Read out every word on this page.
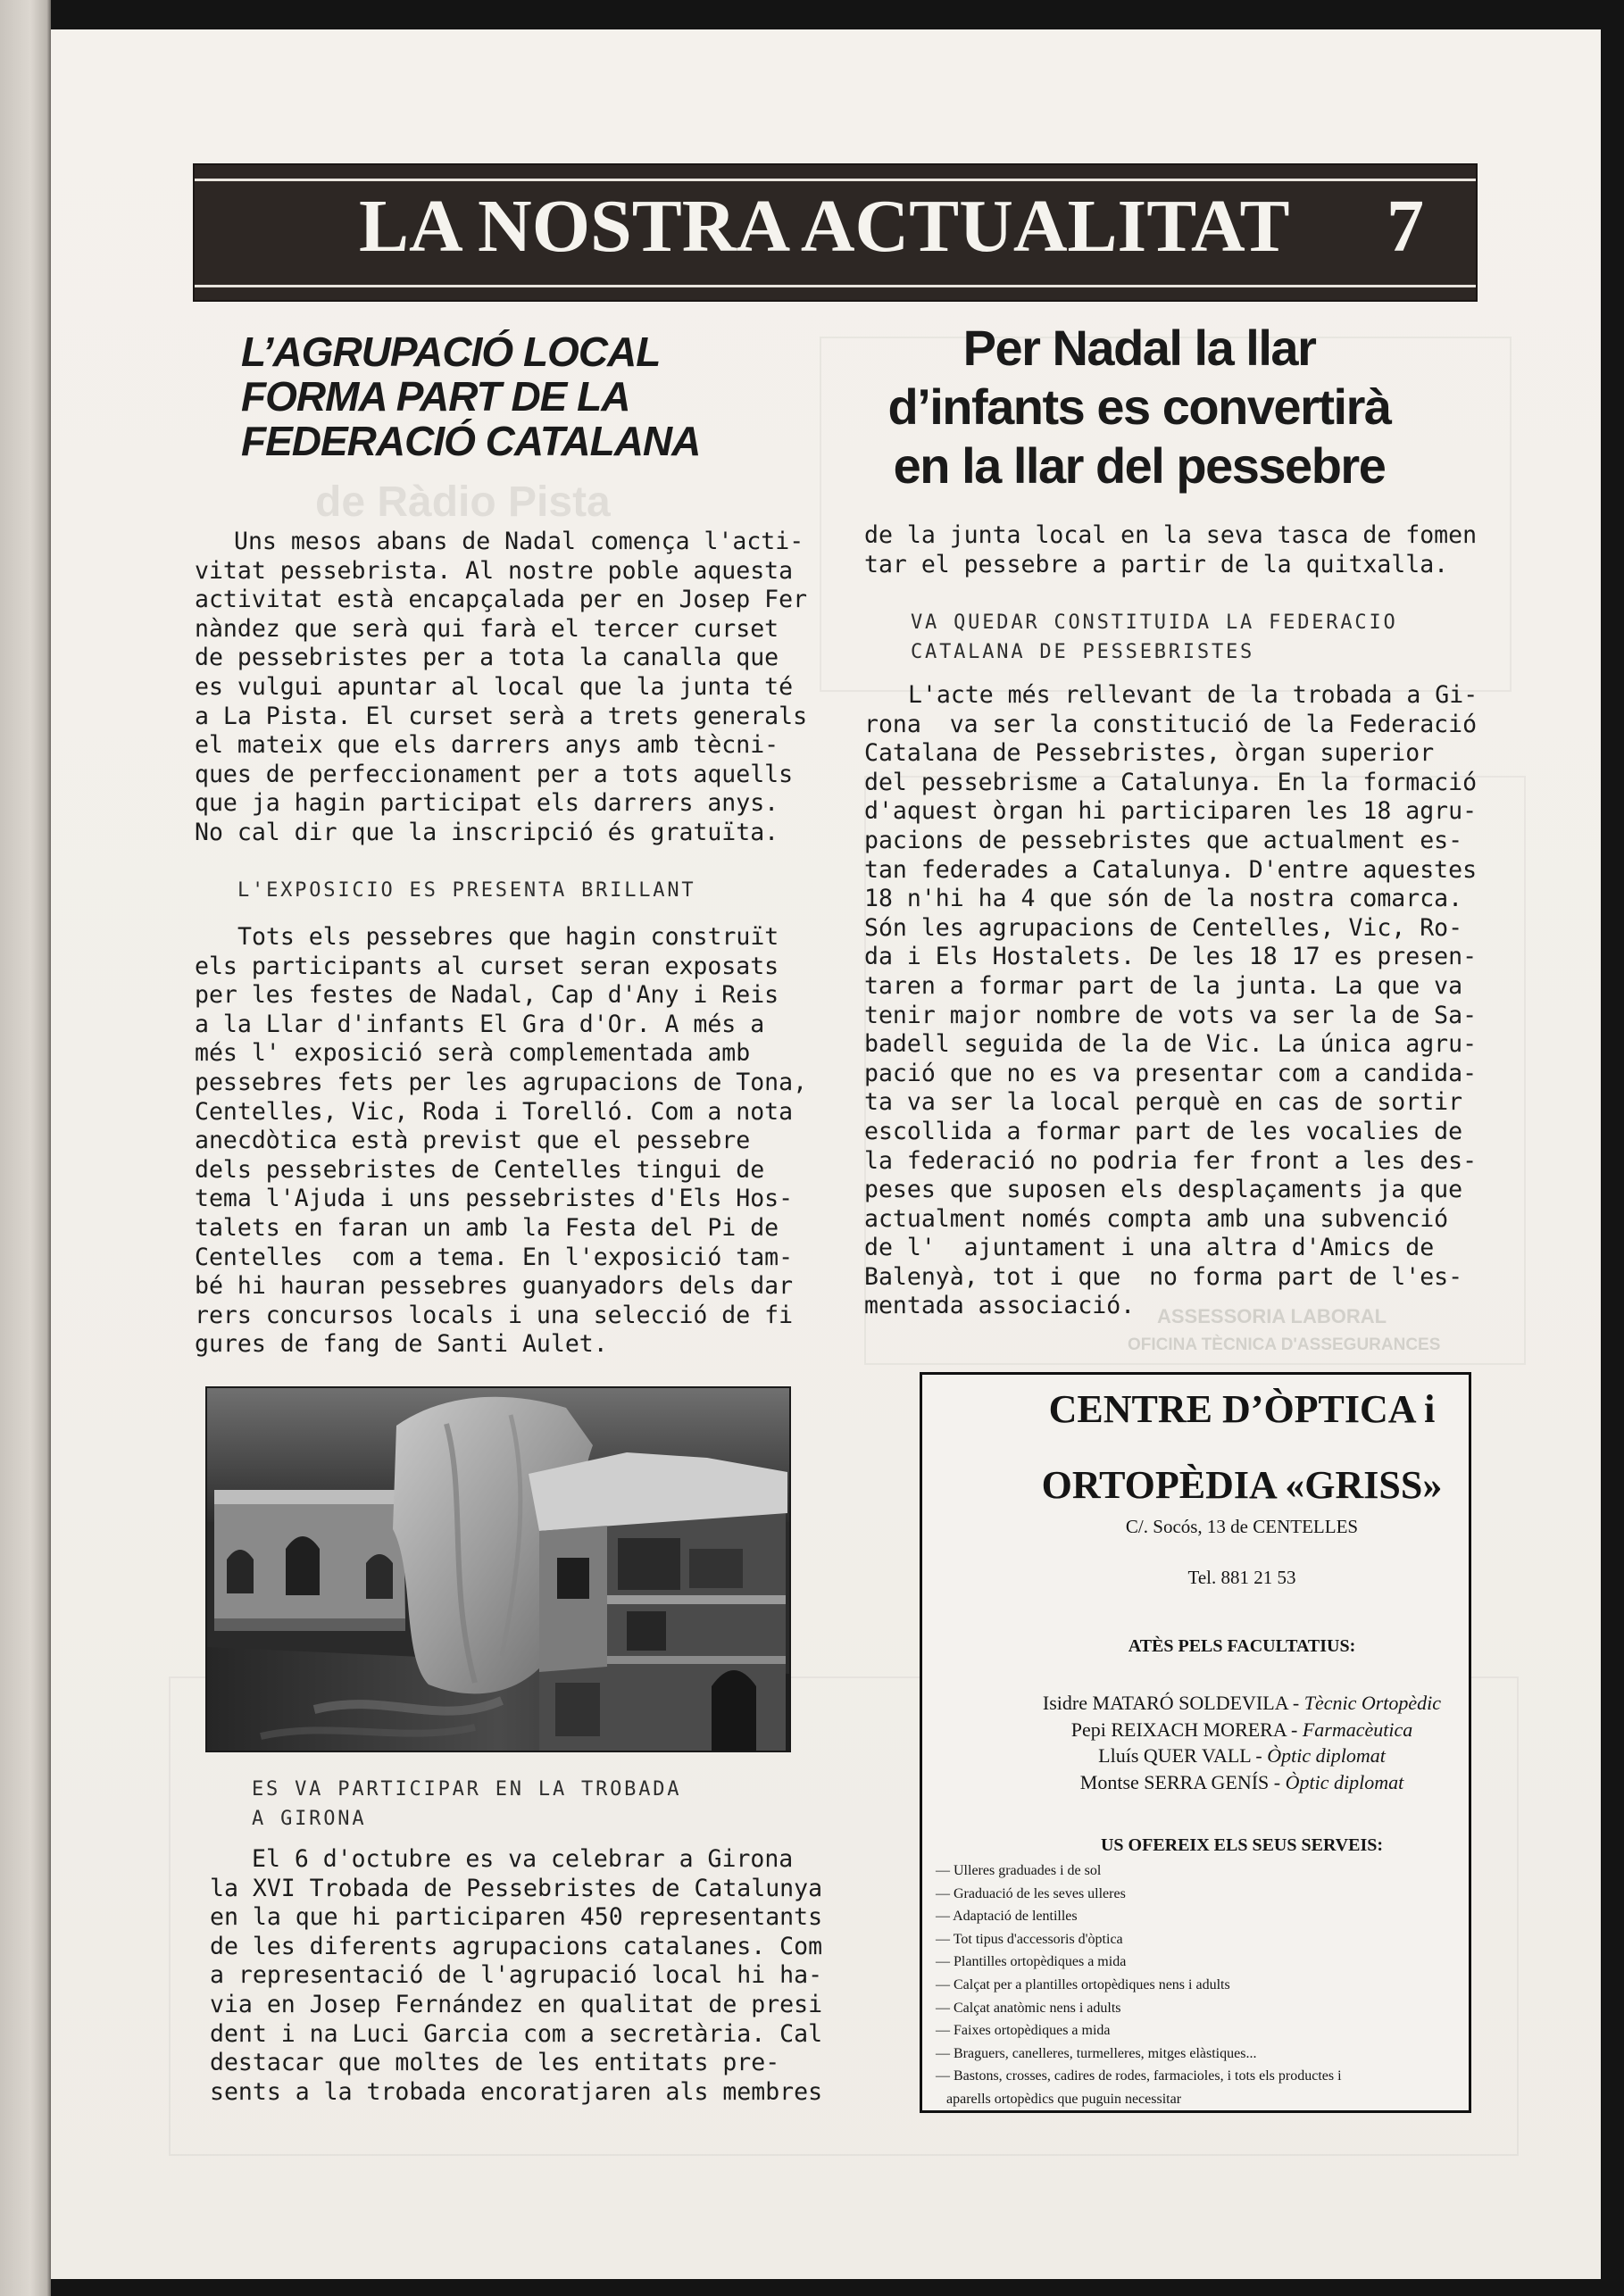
de Ràdio Pista
ASSESSORIA LABORAL
OFICINA TÈCNICA D'ASSEGURANCES
LA NOSTRA ACTUALITAT 7
L’AGRUPACIÓ LOCAL
FORMA PART DE LA
FEDERACIÓ CATALANA
Uns mesos abans de Nadal comença l'acti-
vitat pessebrista. Al nostre poble aquesta
activitat està encapçalada per en Josep Fer
nàndez que serà qui farà el tercer curset
de pessebristes per a tota la canalla que
es vulgui apuntar al local que la junta té
a La Pista. El curset serà a trets generals
el mateix que els darrers anys amb tècni-
ques de perfeccionament per a tots aquells
que ja hagin participat els darrers anys.
No cal dir que la inscripció és gratuïta.
L'EXPOSICIO ES PRESENTA BRILLANT
Tots els pessebres que hagin construït
els participants al curset seran exposats
per les festes de Nadal, Cap d'Any i Reis
a la Llar d'infants El Gra d'Or. A més a
més l' exposició serà complementada amb
pessebres fets per les agrupacions de Tona,
Centelles, Vic, Roda i Torelló. Com a nota
anecdòtica està previst que el pessebre
dels pessebristes de Centelles tingui de
tema l'Ajuda i uns pessebristes d'Els Hos-
talets en faran un amb la Festa del Pi de
Centelles  com a tema. En l'exposició tam-
bé hi hauran pessebres guanyadors dels dar
rers concursos locals i una selecció de fi
gures de fang de Santi Aulet.
ES VA PARTICIPAR EN LA TROBADA
A GIRONA
El 6 d'octubre es va celebrar a Girona
la XVI Trobada de Pessebristes de Catalunya
en la que hi participaren 450 representants
de les diferents agrupacions catalanes. Com
a representació de l'agrupació local hi ha-
via en Josep Fernández en qualitat de presi
dent i na Luci Garcia com a secretària. Cal
destacar que moltes de les entitats pre-
sents a la trobada encoratjaren als membres
Per Nadal la llar
d’infants es convertirà
en la llar del pessebre
de la junta local en la seva tasca de fomen
tar el pessebre a partir de la quitxalla.
VA QUEDAR CONSTITUIDA LA FEDERACIO
CATALANA DE PESSEBRISTES
L'acte més rellevant de la trobada a Gi-
rona  va ser la constitució de la Federació
Catalana de Pessebristes, òrgan superior
del pessebrisme a Catalunya. En la formació
d'aquest òrgan hi participaren les 18 agru-
pacions de pessebristes que actualment es-
tan federades a Catalunya. D'entre aquestes
18 n'hi ha 4 que són de la nostra comarca.
Són les agrupacions de Centelles, Vic, Ro-
da i Els Hostalets. De les 18 17 es presen-
taren a formar part de la junta. La que va
tenir major nombre de vots va ser la de Sa-
badell seguida de la de Vic. La única agru-
pació que no es va presentar com a candida-
ta va ser la local perquè en cas de sortir
escollida a formar part de les vocalies de
la federació no podria fer front a les des-
peses que suposen els desplaçaments ja que
actualment només compta amb una subvenció
de l'  ajuntament i una altra d'Amics de
Balenyà, tot i que  no forma part de l'es-
mentada associació.
CENTRE D’ÒPTICA i
ORTOPÈDIA «GRISS»
C/. Socós, 13 de CENTELLES
Tel. 881 21 53
ATÈS PELS FACULTATIUS:
Isidre MATARÓ SOLDEVILA - Tècnic Ortopèdic
Pepi REIXACH MORERA - Farmacèutica
Lluís QUER VALL - Òptic diplomat
Montse SERRA GENÍS - Òptic diplomat
US OFEREIX ELS SEUS SERVEIS:
— Ulleres graduades i de sol
— Graduació de les seves ulleres
— Adaptació de lentilles
— Tot tipus d'accessoris d'òptica
— Plantilles ortopèdiques a mida
— Calçat per a plantilles ortopèdiques nens i adults
— Calçat anatòmic nens i adults
— Faixes ortopèdiques a mida
— Braguers, canelleres, turmelleres, mitges elàstiques...
— Bastons, crosses, cadires de rodes, farmacioles, i tots els productes i
aparells ortopèdics que puguin necessitar
